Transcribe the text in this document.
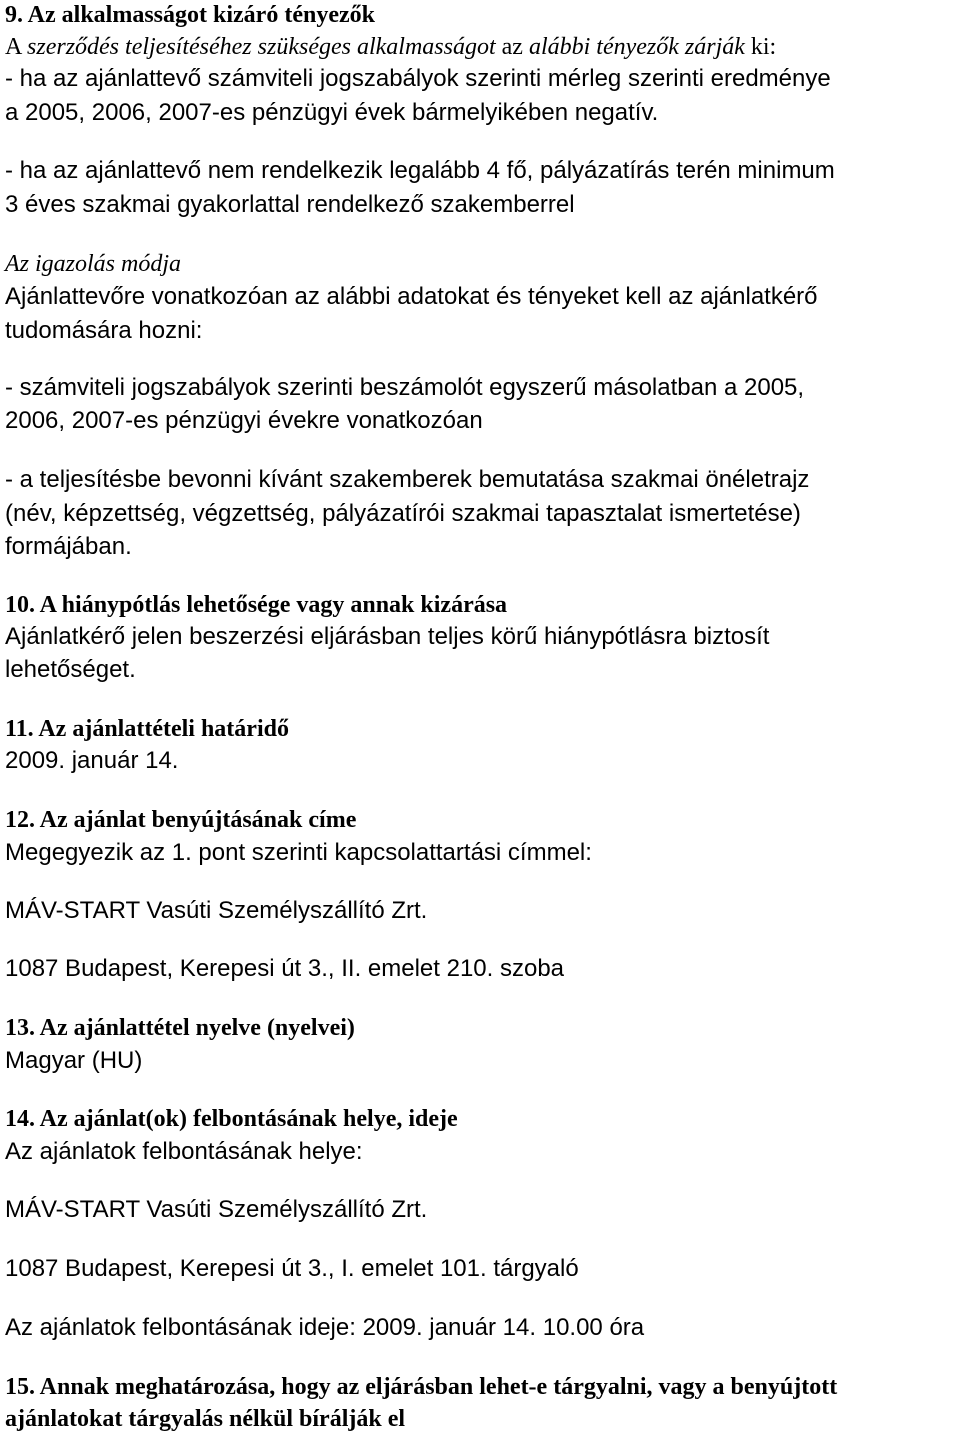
9. Az alkalmasságot kizáró tényezők
A szerződés teljesítéséhez szükséges alkalmasságot az alábbi tényezők zárják ki:
- ha az ajánlattevő számviteli jogszabályok szerinti mérleg szerinti eredménye
a 2005, 2006, 2007-es pénzügyi évek bármelyikében negatív.
- ha az ajánlattevő nem rendelkezik legalább 4 fő, pályázatírás terén minimum
3 éves szakmai gyakorlattal rendelkező szakemberrel
Az igazolás módja
Ajánlattevőre vonatkozóan az alábbi adatokat és tényeket kell az ajánlatkérő
tudomására hozni:
- számviteli jogszabályok szerinti beszámolót egyszerű másolatban a 2005,
2006, 2007-es pénzügyi évekre vonatkozóan
- a teljesítésbe bevonni kívánt szakemberek bemutatása szakmai önéletrajz
(név, képzettség, végzettség, pályázatírói szakmai tapasztalat ismertetése)
formájában.
10. A hiánypótlás lehetősége vagy annak kizárása
Ajánlatkérő jelen beszerzési eljárásban teljes körű hiánypótlásra biztosít
lehetőséget.
11. Az ajánlattételi határidő
2009. január 14.
12. Az ajánlat benyújtásának címe
Megegyezik az 1. pont szerinti kapcsolattartási címmel:
MÁV-START Vasúti Személyszállító Zrt.
1087 Budapest, Kerepesi út 3., II. emelet 210. szoba
13. Az ajánlattétel nyelve (nyelvei)
Magyar (HU)
14. Az ajánlat(ok) felbontásának helye, ideje
Az ajánlatok felbontásának helye:
MÁV-START Vasúti Személyszállító Zrt.
1087 Budapest, Kerepesi út 3., I. emelet 101. tárgyaló
Az ajánlatok felbontásának ideje: 2009. január 14. 10.00 óra
15. Annak meghatározása, hogy az eljárásban lehet-e tárgyalni, vagy a benyújtott
ajánlatokat tárgyalás nélkül bírálják el
